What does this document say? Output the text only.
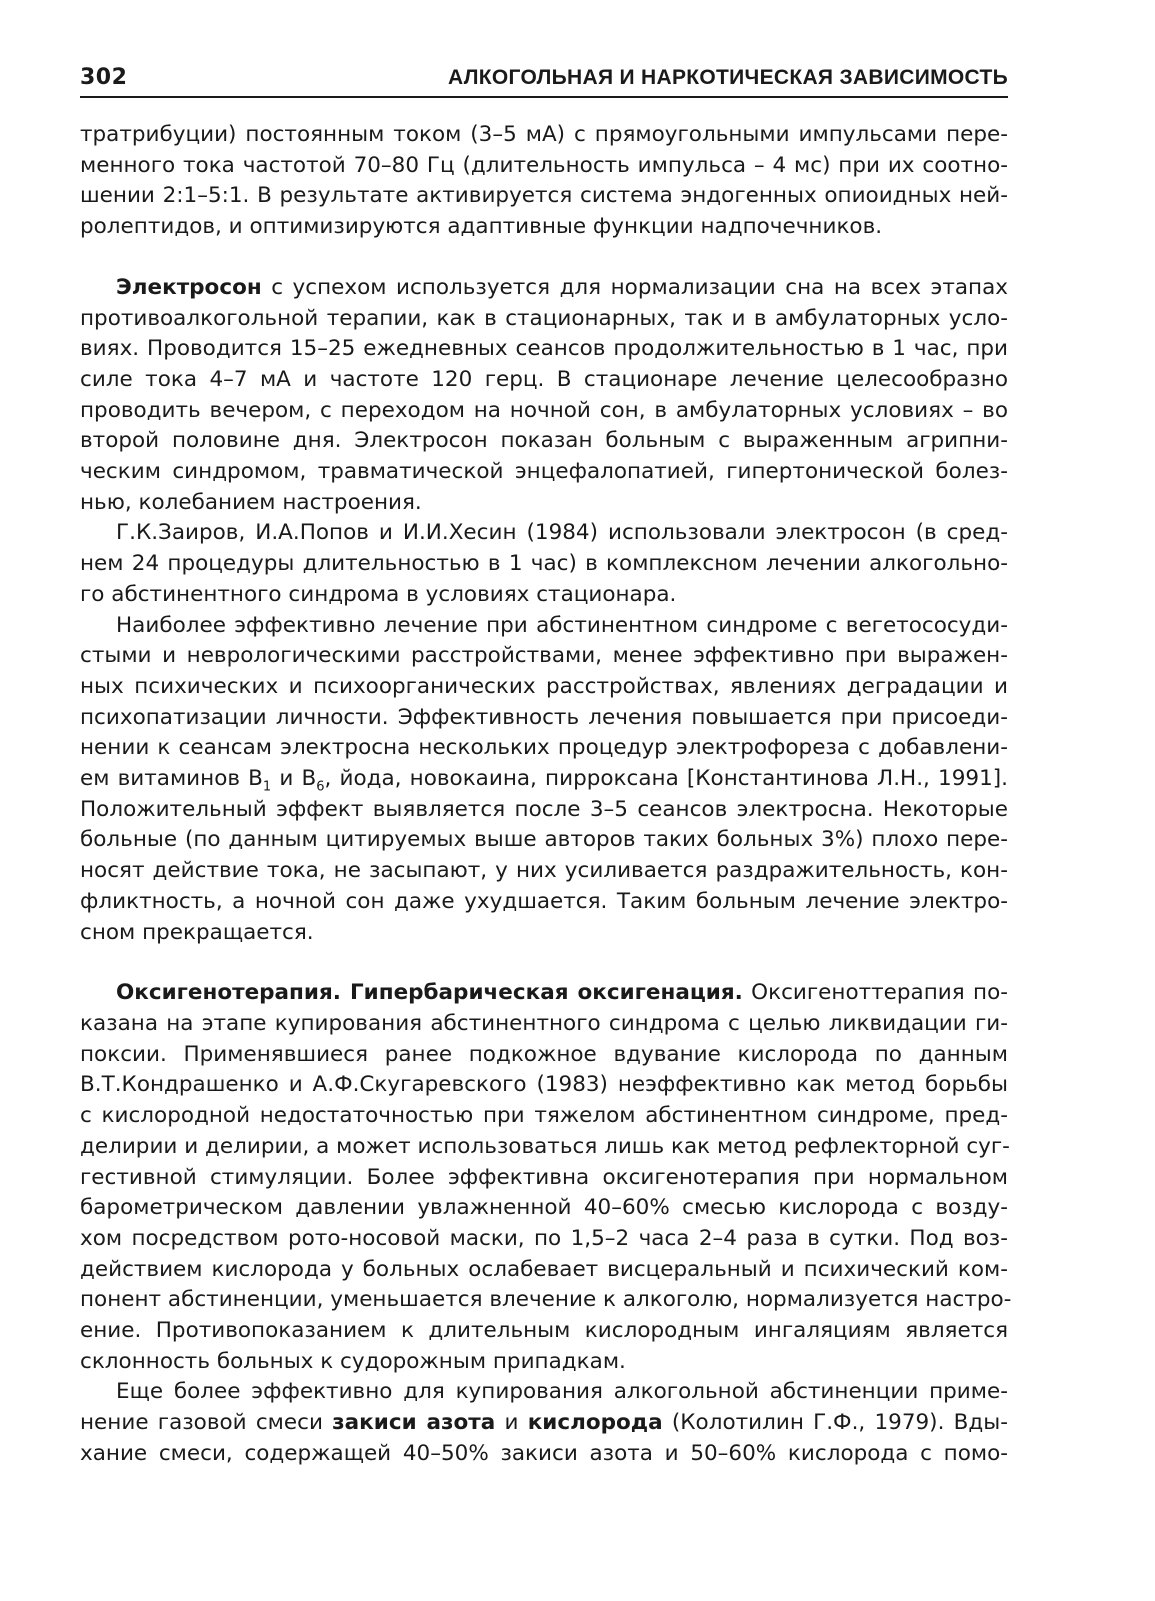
302	АЛКОГОЛЬНАЯ И НАРКОТИЧЕСКАЯ ЗАВИСИМОСТЬ
тратрибуции) постоянным током (3–5 мА) с прямоугольными импульсами пере-
менного тока частотой 70–80 Гц (длительность импульса – 4 мс) при их соотно-
шении 2:1–5:1. В результате активируется система эндогенных опиоидных ней-
ролептидов, и оптимизируются адаптивные функции надпочечников.
Электросон с успехом используется для нормализации сна на всех этапах
противоалкогольной терапии, как в стационарных, так и в амбулаторных усло-
виях. Проводится 15–25 ежедневных сеансов продолжительностью в 1 час, при
силе тока 4–7 мА и частоте 120 герц. В стационаре лечение целесообразно
проводить вечером, с переходом на ночной сон, в амбулаторных условиях – во
второй половине дня. Электросон показан больным с выраженным агрипни-
ческим синдромом, травматической энцефалопатией, гипертонической болез-
нью, колебанием настроения.
Г.К.Заиров, И.А.Попов и И.И.Хесин (1984) использовали электросон (в сред-
нем 24 процедуры длительностью в 1 час) в комплексном лечении алкогольно-
го абстинентного синдрома в условиях стационара.
Наиболее эффективно лечение при абстинентном синдроме с вегетососуди-
стыми и неврологическими расстройствами, менее эффективно при выражен-
ных психических и психоорганических расстройствах, явлениях деградации и
психопатизации личности. Эффективность лечения повышается при присоеди-
нении к сеансам электросна нескольких процедур электрофореза с добавлени-
ем витаминов $В_1$ и $В_6$, йода, новокаина, пирроксана [Константинова Л.Н., 1991].
Положительный эффект выявляется после 3–5 сеансов электросна. Некоторые
больные (по данным цитируемых выше авторов таких больных 3%) плохо пере-
носят действие тока, не засыпают, у них усиливается раздражительность, кон-
фликтность, а ночной сон даже ухудшается. Таким больным лечение электро-
сном прекращается.
Оксигенотерапия. Гипербарическая оксигенация. Оксигеноттерапия по-
казана на этапе купирования абстинентного синдрома с целью ликвидации ги-
поксии. Применявшиеся ранее подкожное вдувание кислорода по данным
В.Т.Кондрашенко и А.Ф.Скугаревского (1983) неэффективно как метод борьбы
с кислородной недостаточностью при тяжелом абстинентном синдроме, пред-
делирии и делирии, а может использоваться лишь как метод рефлекторной суг-
гестивной стимуляции. Более эффективна оксигенотерапия при нормальном
барометрическом давлении увлажненной 40–60% смесью кислорода с возду-
хом посредством рото-носовой маски, по 1,5–2 часа 2–4 раза в сутки. Под воз-
действием кислорода у больных ослабевает висцеральный и психический ком-
понент абстиненции, уменьшается влечение к алкоголю, нормализуется настро-
ение. Противопоказанием к длительным кислородным ингаляциям является
склонность больных к судорожным припадкам.
Еще более эффективно для купирования алкогольной абстиненции приме-
нение газовой смеси закиси азота и кислорода (Колотилин Г.Ф., 1979). Вды-
хание смеси, содержащей 40–50% закиси азота и 50–60% кислорода с помо-
